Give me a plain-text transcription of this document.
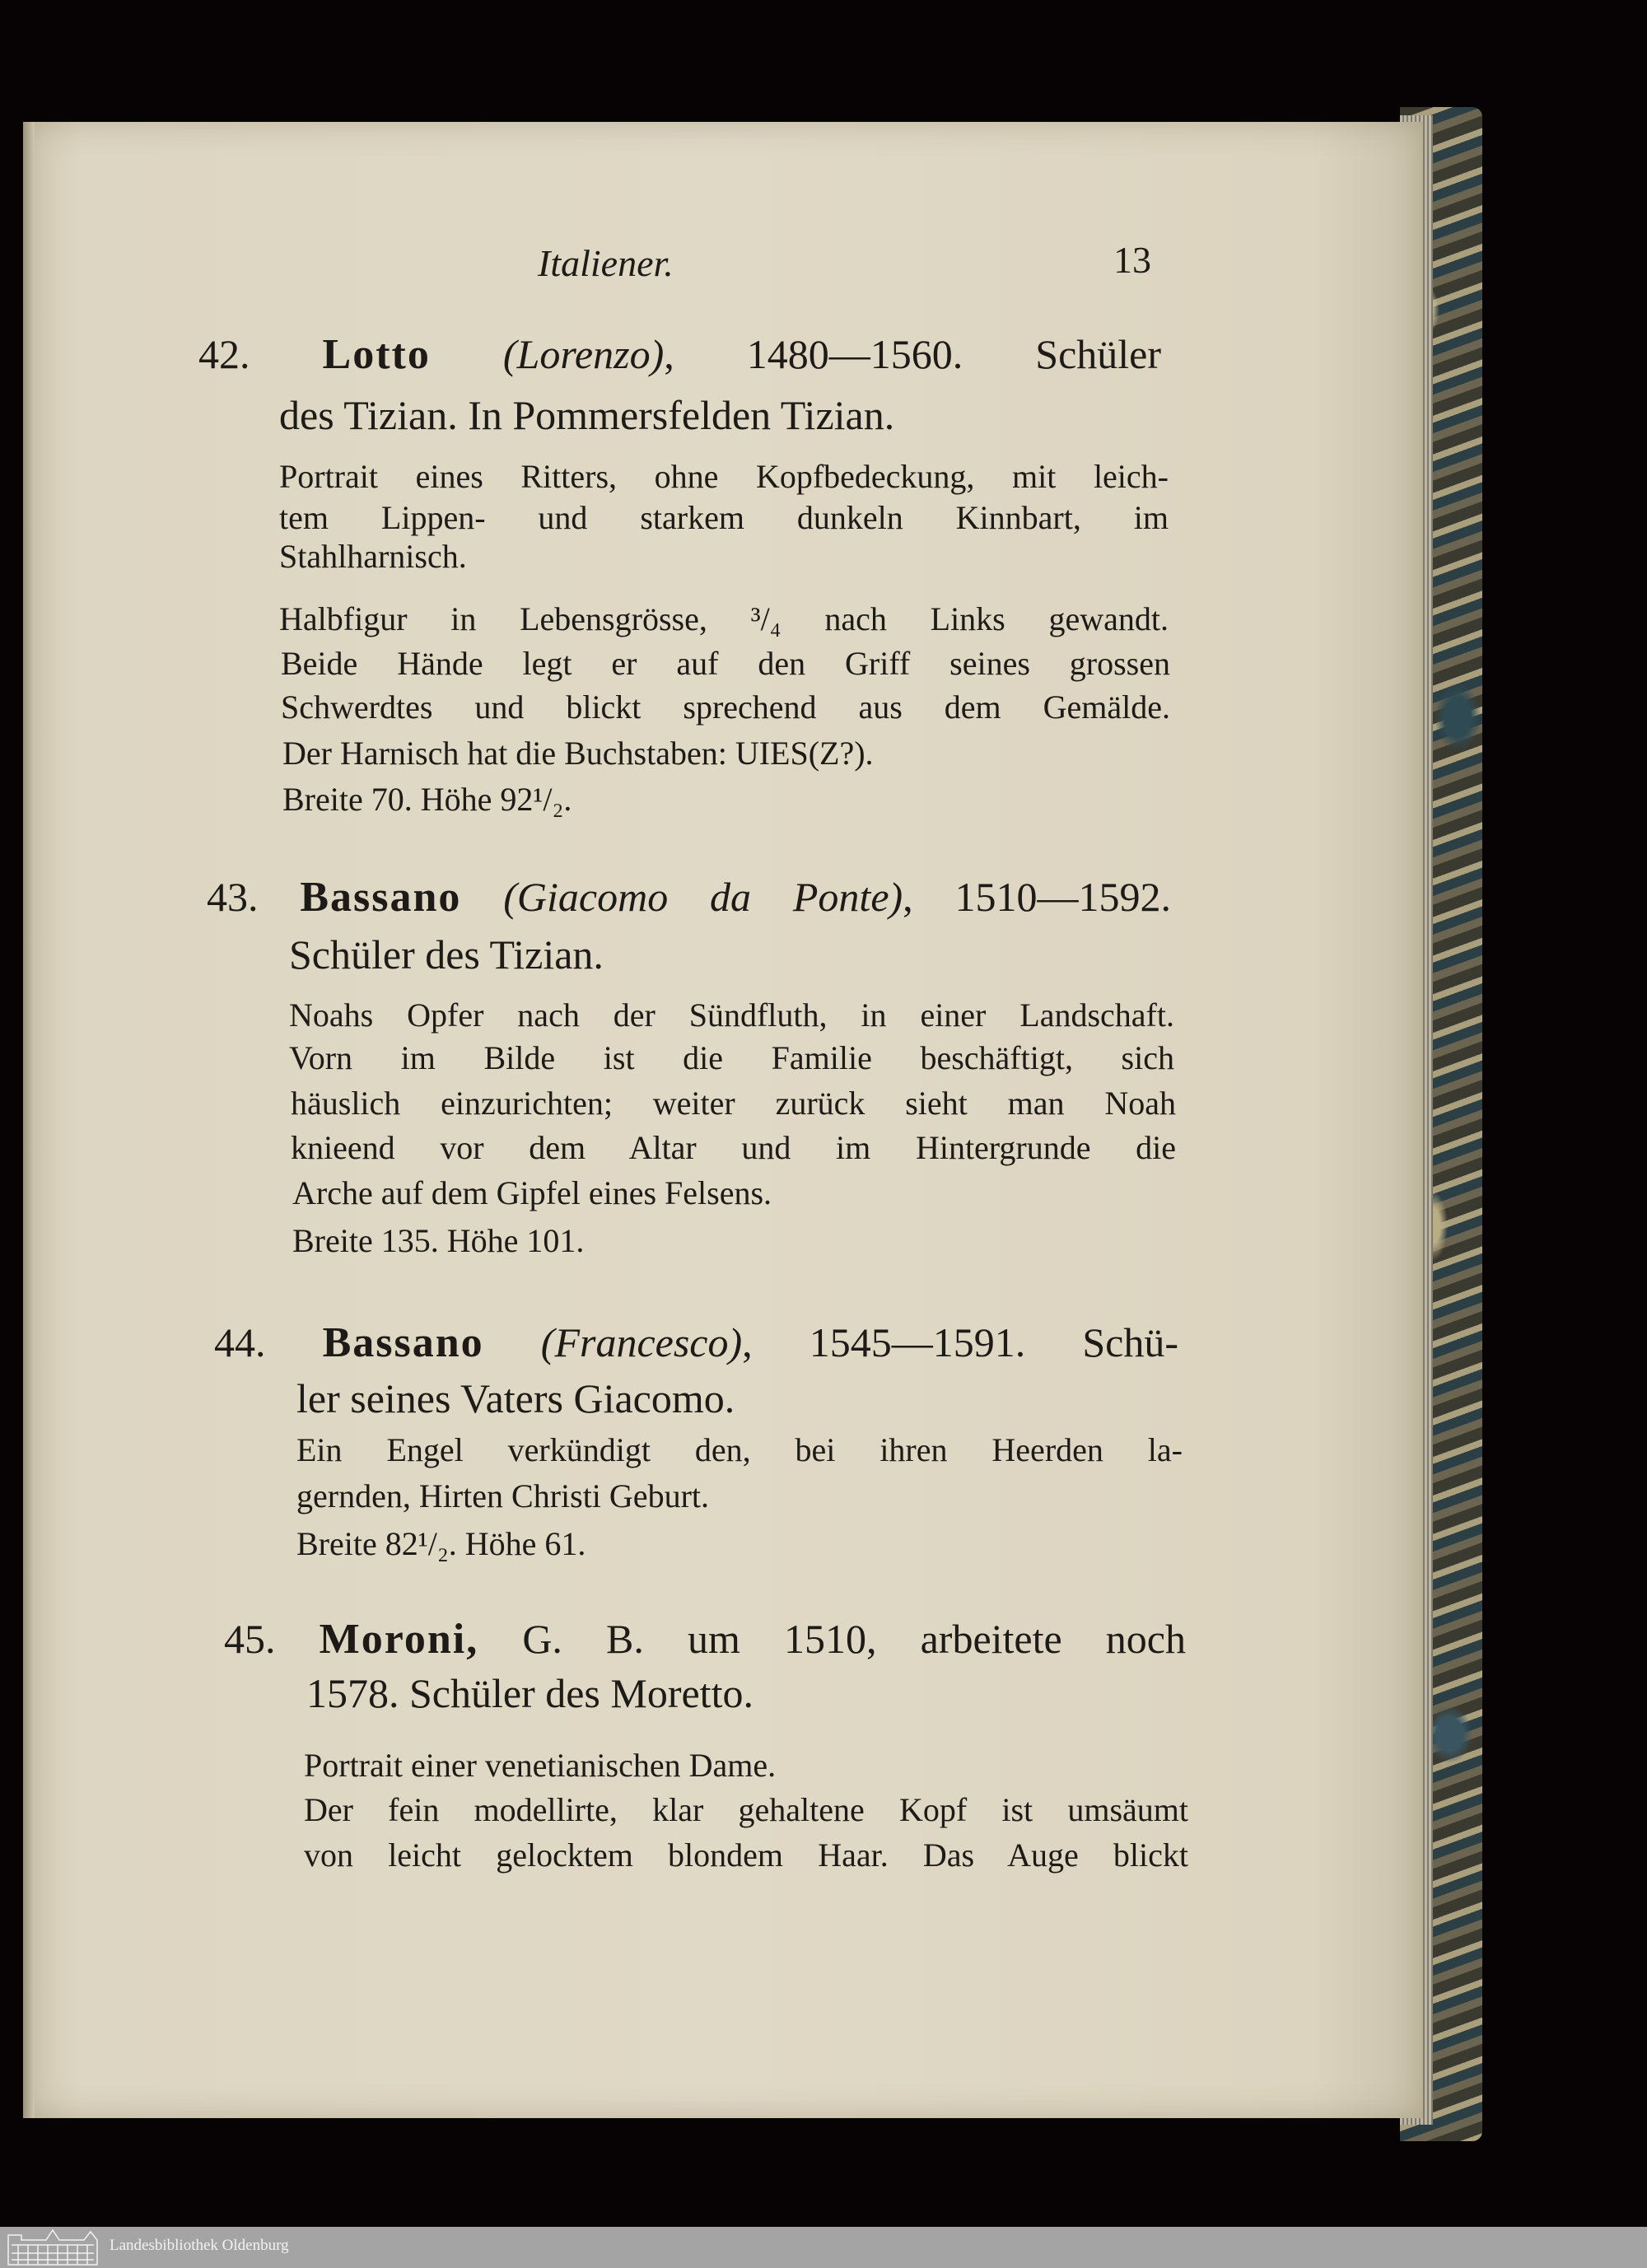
Italiener.	13
42. Lotto (Lorenzo), 1480—1560. Schüler
des Tizian. In Pommersfelden Tizian.
Portrait eines Ritters, ohne Kopfbedeckung, mit leich-
tem Lippen- und starkem dunkeln Kinnbart, im
Stahlharnisch.
Halbfigur in Lebensgrösse, ³/₄ nach Links gewandt.
Beide Hände legt er auf den Griff seines grossen
Schwerdtes und blickt sprechend aus dem Gemälde.
Der Harnisch hat die Buchstaben: UIES(Z?).
Breite 70. Höhe 92¹/₂.
43. Bassano (Giacomo da Ponte), 1510—1592.
Schüler des Tizian.
Noahs Opfer nach der Sündfluth, in einer Landschaft.
Vorn im Bilde ist die Familie beschäftigt, sich
häuslich einzurichten; weiter zurück sieht man Noah
knieend vor dem Altar und im Hintergrunde die
Arche auf dem Gipfel eines Felsens.
Breite 135. Höhe 101.
44. Bassano (Francesco), 1545—1591. Schü-
ler seines Vaters Giacomo.
Ein Engel verkündigt den, bei ihren Heerden la-
gernden, Hirten Christi Geburt.
Breite 82¹/₂. Höhe 61.
45. Moroni, G. B. um 1510, arbeitete noch
1578. Schüler des Moretto.
Portrait einer venetianischen Dame.
Der fein modellirte, klar gehaltene Kopf ist umsäumt
von leicht gelocktem blondem Haar. Das Auge blickt
Landesbibliothek Oldenburg
